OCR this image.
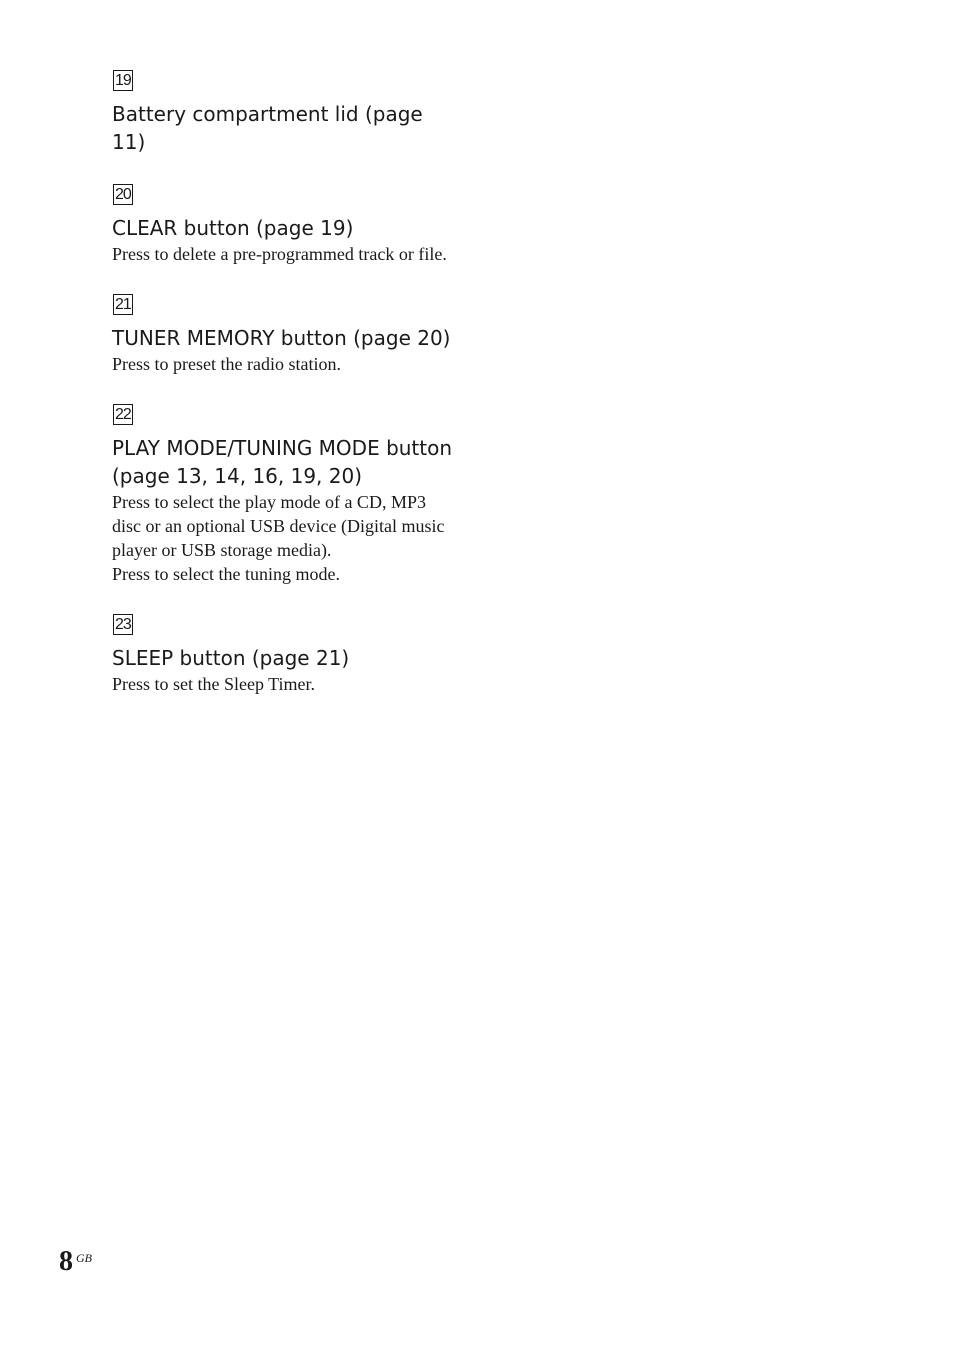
19
Battery compartment lid (page 11)
20
CLEAR button (page 19)
Press to delete a pre-programmed track or file.
21
TUNER MEMORY button (page 20)
Press to preset the radio station.
22
PLAY MODE/TUNING MODE button (page 13, 14, 16, 19, 20)
Press to select the play mode of a CD, MP3 disc or an optional USB device (Digital music player or USB storage media).
Press to select the tuning mode.
23
SLEEP button (page 21)
Press to set the Sleep Timer.
8 GB
